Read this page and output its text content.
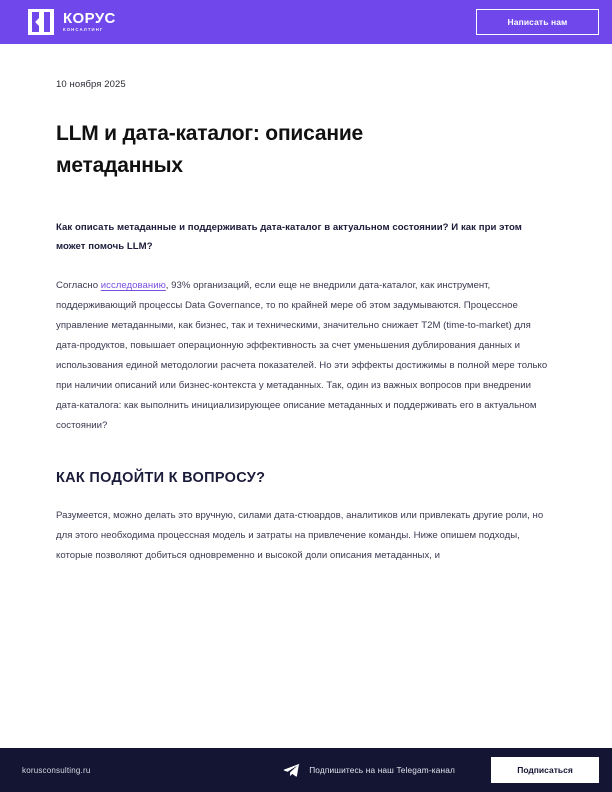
КОРУС
КОНСАЛТИНГ
Написать нам
10 ноября 2025
LLM и дата-каталог: описание метаданных

Как описать метаданные и поддерживать дата-каталог в актуальном состоянии? И как при этом может помочь LLM?

Согласно исследованию, 93% организаций, если еще не внедрили дата-каталог, как инструмент, поддерживающий процессы Data Governance, то по крайней мере об этом задумываются. Процессное управление метаданными, как бизнес, так и техническими, значительно снижает T2M (time-to-market) для дата-продуктов, повышает операционную эффективность за счет уменьшения дублирования данных и использования единой методологии расчета показателей. Но эти эффекты достижимы в полной мере только при наличии описаний или бизнес-контекста у метаданных. Так, один из важных вопросов при внедрении дата-каталога: как выполнить инициализирующее описание метаданных и поддерживать его в актуальном состоянии?

КАК ПОДОЙТИ К ВОПРОСУ?

Разумеется, можно делать это вручную, силами дата-стюардов, аналитиков или привлекать другие роли, но для этого необходима процессная модель и затраты на привлечение команды. Ниже опишем подходы, которые позволяют добиться одновременно и высокой доли описания метаданных, и

korusconsulting.ru	Подпишитесь на наш Telegam-канал	Подписаться
